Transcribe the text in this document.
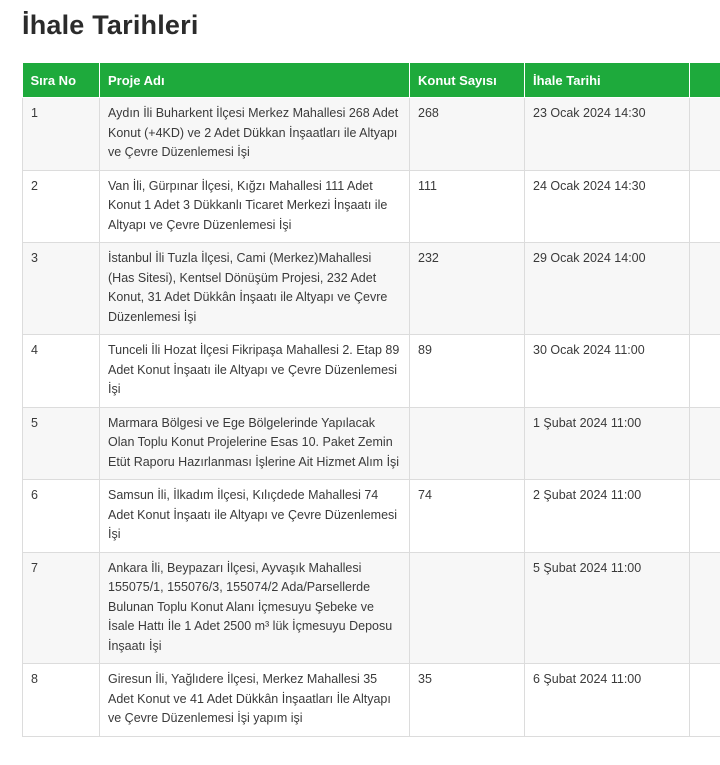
İhale Tarihleri
Sıra No	Proje Adı	Konut Sayısı	İhale Tarihi	
1	Aydın İli Buharkent İlçesi Merkez Mahallesi 268 Adet Konut (+4KD) ve 2 Adet Dükkan İnşaatları ile Altyapı ve Çevre Düzenlemesi İşi	268	23 Ocak 2024 14:30	
2	Van İli, Gürpınar İlçesi, Kığzı Mahallesi 111 Adet Konut 1 Adet 3 Dükkanlı Ticaret Merkezi İnşaatı ile Altyapı ve Çevre Düzenlemesi İşi	111	24 Ocak 2024 14:30	
3	İstanbul İli Tuzla İlçesi, Cami (Merkez)Mahallesi (Has Sitesi), Kentsel Dönüşüm Projesi, 232 Adet Konut, 31 Adet Dükkân İnşaatı ile Altyapı ve Çevre Düzenlemesi İşi	232	29 Ocak 2024 14:00	
4	Tunceli İli Hozat İlçesi Fikripaşa Mahallesi 2. Etap 89 Adet Konut İnşaatı ile Altyapı ve Çevre Düzenlemesi İşi	89	30 Ocak 2024 11:00	
5	Marmara Bölgesi ve Ege Bölgelerinde Yapılacak Olan Toplu Konut Projelerine Esas 10. Paket Zemin Etüt Raporu Hazırlanması İşlerine Ait Hizmet Alım İşi		1 Şubat 2024 11:00	
6	Samsun İli, İlkadım İlçesi, Kılıçdede Mahallesi 74 Adet Konut İnşaatı ile Altyapı ve Çevre Düzenlemesi İşi	74	2 Şubat 2024 11:00	
7	Ankara İli, Beypazarı İlçesi, Ayvaşık Mahallesi 155075/1, 155076/3, 155074/2 Ada/Parsellerde Bulunan Toplu Konut Alanı İçmesuyu Şebeke ve İsale Hattı İle 1 Adet 2500 m³ lük İçmesuyu Deposu İnşaatı İşi		5 Şubat 2024 11:00	
8	Giresun İli, Yağlıdere İlçesi, Merkez Mahallesi 35 Adet Konut ve 41 Adet Dükkân İnşaatları İle Altyapı ve Çevre Düzenlemesi İşi yapım işi	35	6 Şubat 2024 11:00	
